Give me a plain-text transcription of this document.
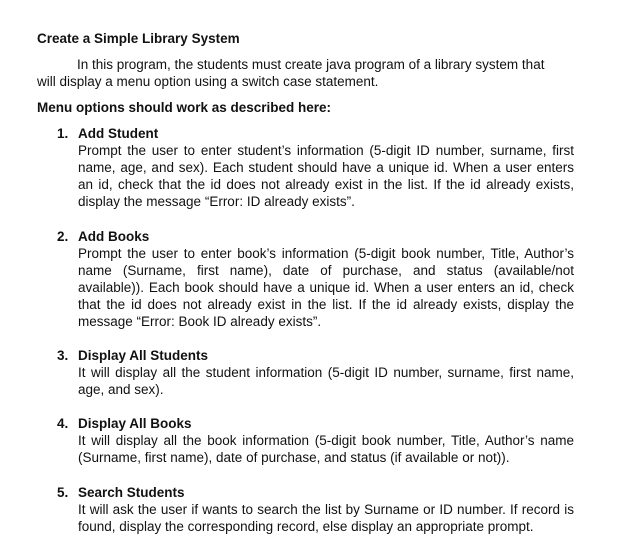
Create a Simple Library System
In this program, the students must create java program of a library system that
will display a menu option using a switch case statement.
Menu options should work as described here:
1. Add Student
Prompt the user to enter student’s information (5-digit ID number, surname, first name, age, and sex). Each student should have a unique id. When a user enters an id, check that the id does not already exist in the list. If the id already exists, display the message “Error: ID already exists”.
2. Add Books
Prompt the user to enter book’s information (5-digit book number, Title, Author’s name (Surname, first name), date of purchase, and status (available/not available)). Each book should have a unique id. When a user enters an id, check that the id does not already exist in the list. If the id already exists, display the message “Error: Book ID already exists”.
3. Display All Students
It will display all the student information (5-digit ID number, surname, first name, age, and sex).
4. Display All Books
It will display all the book information (5-digit book number, Title, Author’s name (Surname, first name), date of purchase, and status (if available or not)).
5. Search Students
It will ask the user if wants to search the list by Surname or ID number. If record is found, display the corresponding record, else display an appropriate prompt.
